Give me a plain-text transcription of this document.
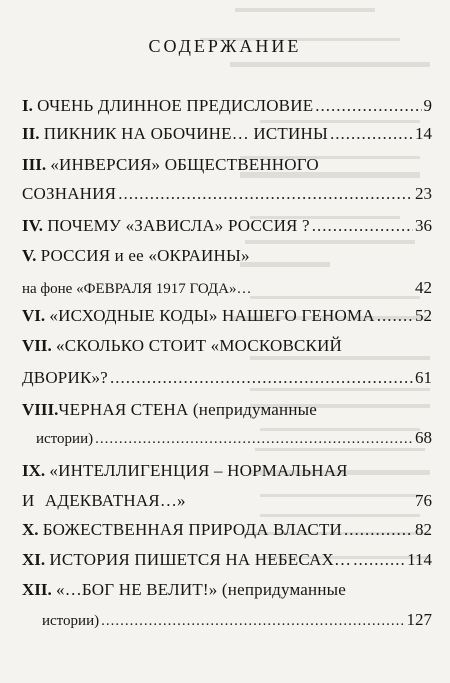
СОДЕРЖАНИЕ
I. ОЧЕНЬ ДЛИННОЕ ПРЕДИСЛОВИЕ .....	9
II. ПИКНИК НА ОБОЧИНЕ… ИСТИНЫ .....	14
III. «ИНВЕРСИЯ» ОБЩЕСТВЕННОГО
СОЗНАНИЯ .....	23
IV. ПОЧЕМУ «ЗАВИСЛА» РОССИЯ ? .....	36
V. РОССИЯ и ее «ОКРАИНЫ»
на фоне «ФЕВРАЛЯ 1917 ГОДА»…	42
VI. «ИСХОДНЫЕ КОДЫ» НАШЕГО ГЕНОМА ..... 52
VII. «СКОЛЬКО СТОИТ «МОСКОВСКИЙ
ДВОРИК»? .....	61
VIII.ЧЕРНАЯ СТЕНА (непридуманные
истории) .....	68
IX. «ИНТЕЛЛИГЕНЦИЯ – НОРМАЛЬНАЯ
И АДЕКВАТНАЯ…»	76
X. БОЖЕСТВЕННАЯ ПРИРОДА ВЛАСТИ .....	82
XI. ИСТОРИЯ ПИШЕТСЯ НА НЕБЕСАХ… .....	114
XII. «…БОГ НЕ ВЕЛИТ!» (непридуманные
истории) .....	127
